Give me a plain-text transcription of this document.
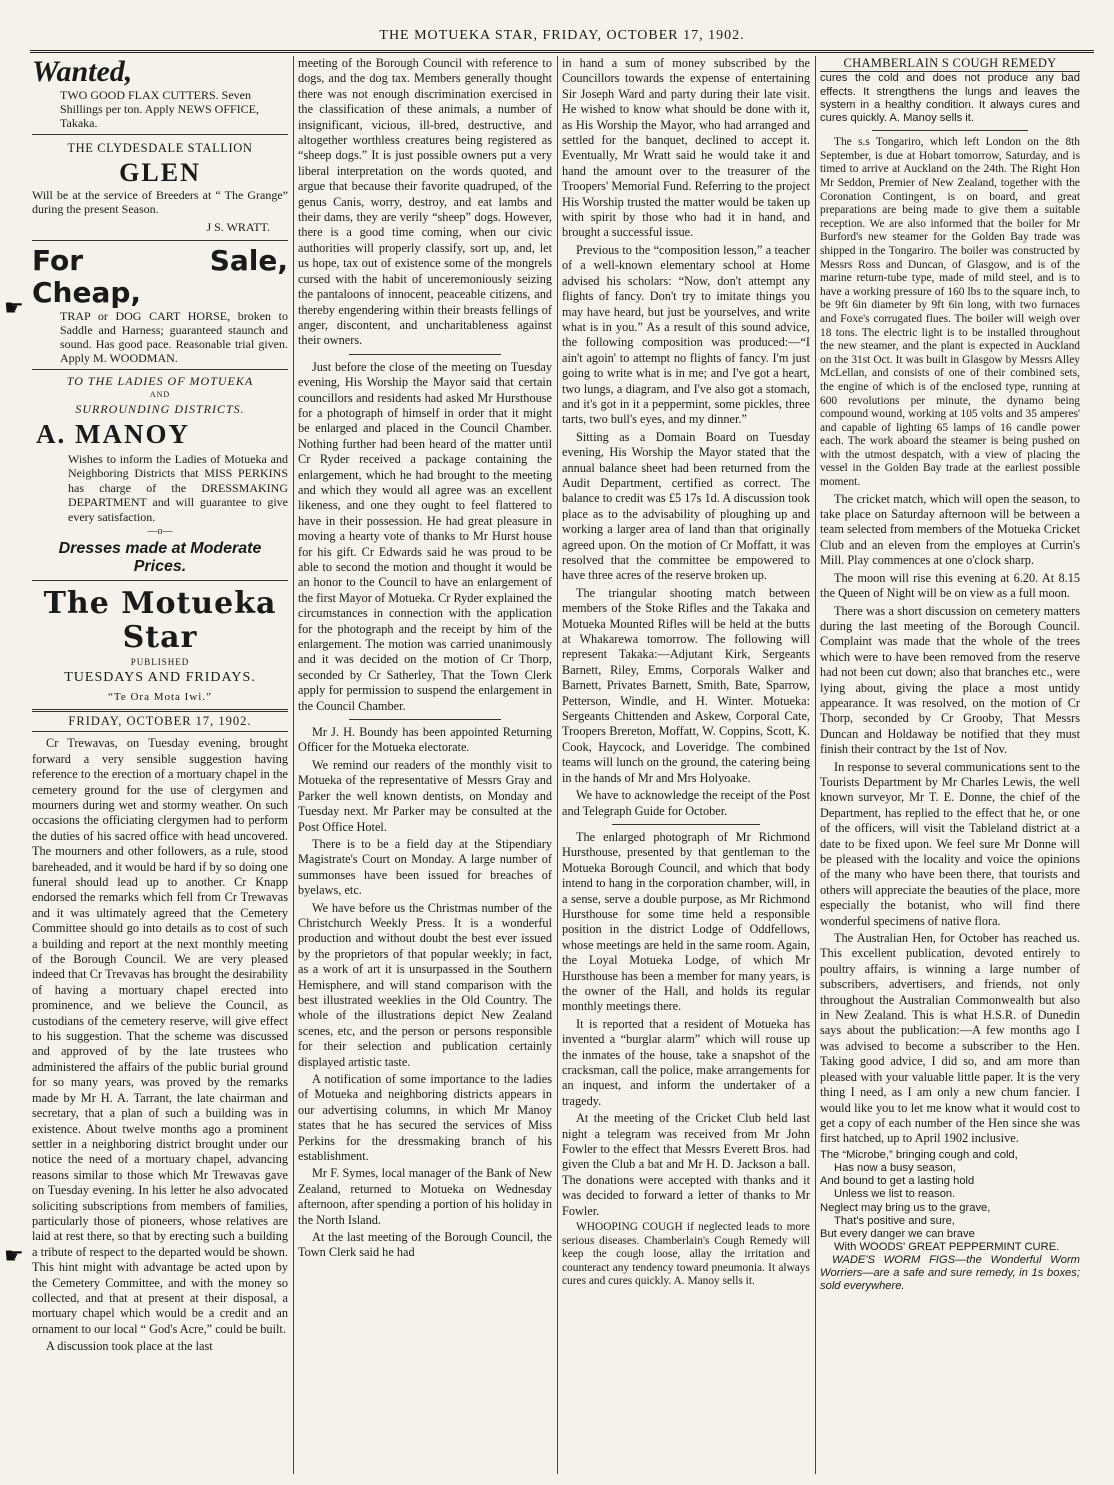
THE MOTUEKA STAR, FRIDAY, OCTOBER 17, 1902.
☛
☛
Wanted,
TWO GOOD FLAX CUTTERS. Seven Shillings per ton. Apply NEWS OFFICE, Takaka.
THE CLYDESDALE STALLION
GLEN
Will be at the service of Breeders at “ The Grange” during the present Season.
J S. WRATT.
For Sale, Cheap,
TRAP or DOG CART HORSE, broken to Saddle and Harness; guaranteed staunch and sound. Has good pace. Reasonable trial given. Apply M. WOODMAN.
TO THE LADIES OF MOTUEKA
AND
SURROUNDING DISTRICTS.
A. MANOY
Wishes to inform the Ladies of Motueka and Neighboring Districts that MISS PERKINS has charge of the DRESSMAKING DEPARTMENT and will guarantee to give every satisfaction.
—o—
Dresses made at Moderate Prices.
The Motueka Star
PUBLISHED
TUESDAYS AND FRIDAYS.
“Te Ora Mota Iwi.”
FRIDAY, OCTOBER 17, 1902.

Cr Trewavas, on Tuesday evening, brought forward a very sensible suggestion having reference to the erection of a mortuary chapel in the cemetery ground for the use of clergymen and mourners during wet and stormy weather. On such occasions the officiating clergymen had to perform the duties of his sacred office with head uncovered. The mourners and other followers, as a rule, stood bareheaded, and it would be hard if by so doing one funeral should lead up to another. Cr Knapp endorsed the remarks which fell from Cr Trewavas and it was ultimately agreed that the Cemetery Committee should go into details as to cost of such a building and report at the next monthly meeting of the Borough Council. We are very pleased indeed that Cr Trevavas has brought the desirability of having a mortuary chapel erected into prominence, and we believe the Council, as custodians of the cemetery reserve, will give effect to his suggestion. That the scheme was discussed and approved of by the late trustees who administered the affairs of the public burial ground for so many years, was proved by the remarks made by Mr H. A. Tarrant, the late chairman and secretary, that a plan of such a building was in existence. About twelve months ago a prominent settler in a neighboring district brought under our notice the need of a mortuary chapel, advancing reasons similar to those which Mr Trewavas gave on Tuesday evening. In his letter he also advocated soliciting subscriptions from members of families, particularly those of pioneers, whose relatives are laid at rest there, so that by erecting such a building a tribute of respect to the departed would be shown. This hint might with advantage be acted upon by the Cemetery Committee, and with the money so collected, and that at present at their disposal, a mortuary chapel which would be a credit and an ornament to our local “ God's Acre,” could be built.

A discussion took place at the last

meeting of the Borough Council with reference to dogs, and the dog tax. Members generally thought there was not enough discrimination exercised in the classification of these animals, a number of insignificant, vicious, ill-bred, destructive, and altogether worthless creatures being registered as “sheep dogs.” It is just possible owners put a very liberal interpretation on the words quoted, and argue that because their favorite quadruped, of the genus Canis, worry, destroy, and eat lambs and their dams, they are verily “sheep” dogs. However, there is a good time coming, when our civic authorities will properly classify, sort up, and, let us hope, tax out of existence some of the mongrels cursed with the habit of unceremoniously seizing the pantaloons of innocent, peaceable citizens, and thereby engendering within their breasts fellings of anger, discontent, and uncharitableness against their owners.

Just before the close of the meeting on Tuesday evening, His Worship the Mayor said that certain councillors and residents had asked Mr Hursthouse for a photograph of himself in order that it might be enlarged and placed in the Council Chamber. Nothing further had been heard of the matter until Cr Ryder received a package containing the enlargement, which he had brought to the meeting and which they would all agree was an excellent likeness, and one they ought to feel flattered to have in their possession. He had great pleasure in moving a hearty vote of thanks to Mr Hurst house for his gift. Cr Edwards said he was proud to be able to second the motion and thought it would be an honor to the Council to have an enlargement of the first Mayor of Motueka. Cr Ryder explained the circumstances in connection with the application for the photograph and the receipt by him of the enlargement. The motion was carried unanimously and it was decided on the motion of Cr Thorp, seconded by Cr Satherley, That the Town Clerk apply for permission to suspend the enlargement in the Council Chamber.

Mr J. H. Boundy has been appointed Returning Officer for the Motueka electorate.

We remind our readers of the monthly visit to Motueka of the representative of Messrs Gray and Parker the well known dentists, on Monday and Tuesday next. Mr Parker may be consulted at the Post Office Hotel.

There is to be a field day at the Stipendiary Magistrate's Court on Monday. A large number of summonses have been issued for breaches of byelaws, etc.

We have before us the Christmas number of the Christchurch Weekly Press. It is a wonderful production and without doubt the best ever issued by the proprietors of that popular weekly; in fact, as a work of art it is unsurpassed in the Southern Hemisphere, and will stand comparison with the best illustrated weeklies in the Old Country. The whole of the illustrations depict New Zealand scenes, etc, and the person or persons responsible for their selection and publication certainly displayed artistic taste.

A notification of some importance to the ladies of Motueka and neighboring districts appears in our advertising columns, in which Mr Manoy states that he has secured the services of Miss Perkins for the dressmaking branch of his establishment.

Mr F. Symes, local manager of the Bank of New Zealand, returned to Motueka on Wednesday afternoon, after spending a portion of his holiday in the North Island.

At the last meeting of the Borough Council, the Town Clerk said he had

in hand a sum of money subscribed by the Councillors towards the expense of entertaining Sir Joseph Ward and party during their late visit. He wished to know what should be done with it, as His Worship the Mayor, who had arranged and settled for the banquet, declined to accept it. Eventually, Mr Wratt said he would take it and hand the amount over to the treasurer of the Troopers' Memorial Fund. Referring to the project His Worship trusted the matter would be taken up with spirit by those who had it in hand, and brought a successful issue.

Previous to the “composition lesson,” a teacher of a well-known elementary school at Home advised his scholars: “Now, don't attempt any flights of fancy. Don't try to imitate things you may have heard, but just be yourselves, and write what is in you.” As a result of this sound advice, the following composition was produced:—“I ain't agoin' to attempt no flights of fancy. I'm just going to write what is in me; and I've got a heart, two lungs, a diagram, and I've also got a stomach, and it's got in it a peppermint, some pickles, three tarts, two bull's eyes, and my dinner.”

Sitting as a Domain Board on Tuesday evening, His Worship the Mayor stated that the annual balance sheet had been returned from the Audit Department, certified as correct. The balance to credit was £5 17s 1d. A discussion took place as to the advisability of ploughing up and working a larger area of land than that originally agreed upon. On the motion of Cr Moffatt, it was resolved that the committee be empowered to have three acres of the reserve broken up.

The triangular shooting match between members of the Stoke Rifles and the Takaka and Motueka Mounted Rifles will be held at the butts at Whakarewa tomorrow. The following will represent Takaka:—Adjutant Kirk, Sergeants Barnett, Riley, Emms, Corporals Walker and Barnett, Privates Barnett, Smith, Bate, Sparrow, Petterson, Windle, and H. Winter. Motueka: Sergeants Chittenden and Askew, Corporal Cate, Troopers Brereton, Moffatt, W. Coppins, Scott, K. Cook, Haycock, and Loveridge. The combined teams will lunch on the ground, the catering being in the hands of Mr and Mrs Holyoake.

We have to acknowledge the receipt of the Post and Telegraph Guide for October.

The enlarged photograph of Mr Richmond Hursthouse, presented by that gentleman to the Motueka Borough Council, and which that body intend to hang in the corporation chamber, will, in a sense, serve a double purpose, as Mr Richmond Hursthouse for some time held a responsible position in the district Lodge of Oddfellows, whose meetings are held in the same room. Again, the Loyal Motueka Lodge, of which Mr Hursthouse has been a member for many years, is the owner of the Hall, and holds its regular monthly meetings there.

It is reported that a resident of Motueka has invented a “burglar alarm” which will rouse up the inmates of the house, take a snapshot of the cracksman, call the police, make arrangements for an inquest, and inform the undertaker of a tragedy.

At the meeting of the Cricket Club held last night a telegram was received from Mr John Fowler to the effect that Messrs Everett Bros. had given the Club a bat and Mr H. D. Jackson a ball. The donations were accepted with thanks and it was decided to forward a letter of thanks to Mr Fowler.

WHOOPING COUGH if neglected leads to more serious diseases. Chamberlain's Cough Remedy will keep the cough loose, allay the irritation and counteract any tendency toward pneumonia. It always cures and cures quickly. A. Manoy sells it.

CHAMBERLAIN S COUGH REMEDY

cures the cold and does not produce any bad effects. It strengthens the lungs and leaves the system in a healthy condition. It always cures and cures quickly. A. Manoy sells it.

The s.s Tongariro, which left London on the 8th September, is due at Hobart tomorrow, Saturday, and is timed to arrive at Auckland on the 24th. The Right Hon Mr Seddon, Premier of New Zealand, together with the Coronation Contingent, is on board, and great preparations are being made to give them a suitable reception. We are also informed that the boiler for Mr Burford's new steamer for the Golden Bay trade was shipped in the Tongariro. The boiler was constructed by Messrs Ross and Duncan, of Glasgow, and is of the marine return-tube type, made of mild steel, and is to have a working pressure of 160 lbs to the square inch, to be 9ft 6in diameter by 9ft 6in long, with two furnaces and Foxe's corrugated flues. The boiler will weigh over 18 tons. The electric light is to be installed throughout the new steamer, and the plant is expected in Auckland on the 31st Oct. It was built in Glasgow by Messrs Alley McLellan, and consists of one of their combined sets, the engine of which is of the enclosed type, running at 600 revolutions per minute, the dynamo being compound wound, working at 105 volts and 35 amperes' and capable of lighting 65 lamps of 16 candle power each. The work aboard the steamer is being pushed on with the utmost despatch, with a view of placing the vessel in the Golden Bay trade at the earliest possible moment.

The cricket match, which will open the season, to take place on Saturday afternoon will be between a team selected from members of the Motueka Cricket Club and an eleven from the employes at Currin's Mill. Play commences at one o'clock sharp.

The moon will rise this evening at 6.20. At 8.15 the Queen of Night will be on view as a full moon.

There was a short discussion on cemetery matters during the last meeting of the Borough Council. Complaint was made that the whole of the trees which were to have been removed from the reserve had not been cut down; also that branches etc., were lying about, giving the place a most untidy appearance. It was resolved, on the motion of Cr Thorp, seconded by Cr Grooby, That Messrs Duncan and Holdaway be notified that they must finish their contract by the 1st of Nov.

In response to several communications sent to the Tourists Department by Mr Charles Lewis, the well known surveyor, Mr T. E. Donne, the chief of the Department, has replied to the effect that he, or one of the officers, will visit the Tableland district at a date to be fixed upon. We feel sure Mr Donne will be pleased with the locality and voice the opinions of the many who have been there, that tourists and others will appreciate the beauties of the place, more especially the botanist, who will find there wonderful specimens of native flora.

The Australian Hen, for October has reached us. This excellent publication, devoted entirely to poultry affairs, is winning a large number of subscribers, advertisers, and friends, not only throughout the Australian Commonwealth but also in New Zealand. This is what H.S.R. of Dunedin says about the publication:—A few months ago I was advised to become a subscriber to the Hen. Taking good advice, I did so, and am more than pleased with your valuable little paper. It is the very thing I need, as I am only a new chum fancier. I would like you to let me know what it would cost to get a copy of each number of the Hen since she was first hatched, up to April 1902 inclusive.

The “Microbe,” bringing cough and cold,
Has now a busy season,
And bound to get a lasting hold
Unless we list to reason.
Neglect may bring us to the grave,
That's positive and sure,
But every danger we can brave
With WOODS' GREAT PEPPERMINT CURE.

WADE'S WORM FIGS—the Wonderful Worm Worriers—are a safe and sure remedy, in 1s boxes; sold everywhere.
